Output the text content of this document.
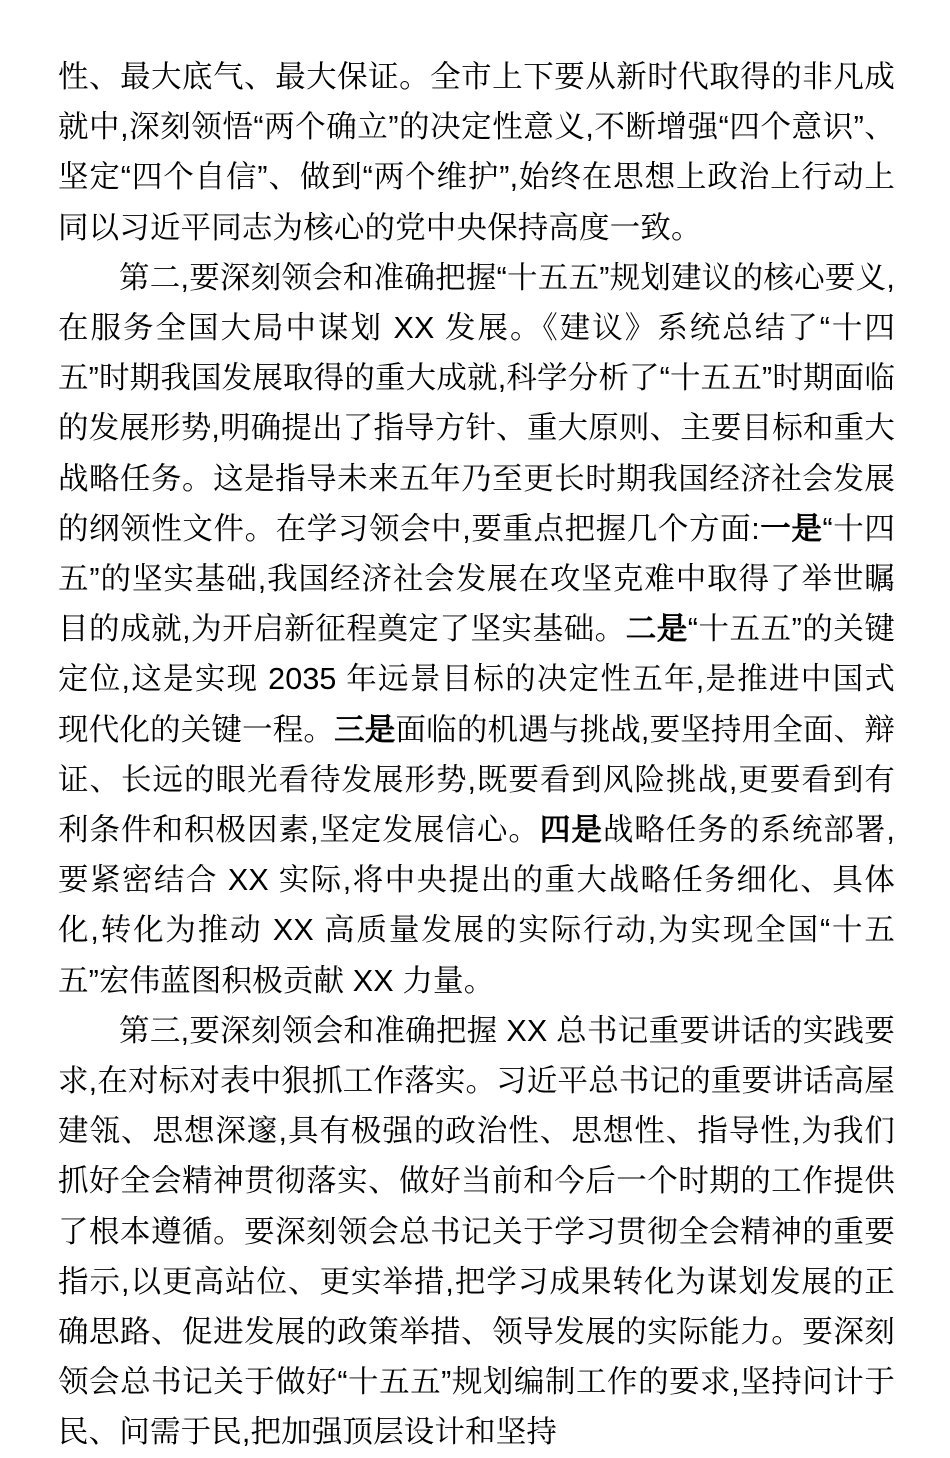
性、最大底气、最大保证。全市上下要从新时代取得的非凡成就中,深刻领悟“两个确立”的决定性意义,不断增强“四个意识”、坚定“四个自信”、做到“两个维护”,始终在思想上政治上行动上同以习近平同志为核心的党中央保持高度一致。

第二,要深刻领会和准确把握“十五五”规划建议的核心要义,在服务全国大局中谋划 XX 发展。《建议》系统总结了“十四五”时期我国发展取得的重大成就,科学分析了“十五五”时期面临的发展形势,明确提出了指导方针、重大原则、主要目标和重大战略任务。这是指导未来五年乃至更长时期我国经济社会发展的纲领性文件。在学习领会中,要重点把握几个方面:一是“十四五”的坚实基础,我国经济社会发展在攻坚克难中取得了举世瞩目的成就,为开启新征程奠定了坚实基础。二是“十五五”的关键定位,这是实现 2035 年远景目标的决定性五年,是推进中国式现代化的关键一程。三是面临的机遇与挑战,要坚持用全面、辩证、长远的眼光看待发展形势,既要看到风险挑战,更要看到有利条件和积极因素,坚定发展信心。四是战略任务的系统部署,要紧密结合 XX 实际,将中央提出的重大战略任务细化、具体化,转化为推动 XX 高质量发展的实际行动,为实现全国“十五五”宏伟蓝图积极贡献 XX 力量。

第三,要深刻领会和准确把握 XX 总书记重要讲话的实践要求,在对标对表中狠抓工作落实。习近平总书记的重要讲话高屋建瓴、思想深邃,具有极强的政治性、思想性、指导性,为我们抓好全会精神贯彻落实、做好当前和今后一个时期的工作提供了根本遵循。要深刻领会总书记关于学习贯彻全会精神的重要指示,以更高站位、更实举措,把学习成果转化为谋划发展的正确思路、促进发展的政策举措、领导发展的实际能力。要深刻领会总书记关于做好“十五五”规划编制工作的要求,坚持问计于民、问需于民,把加强顶层设计和坚持
